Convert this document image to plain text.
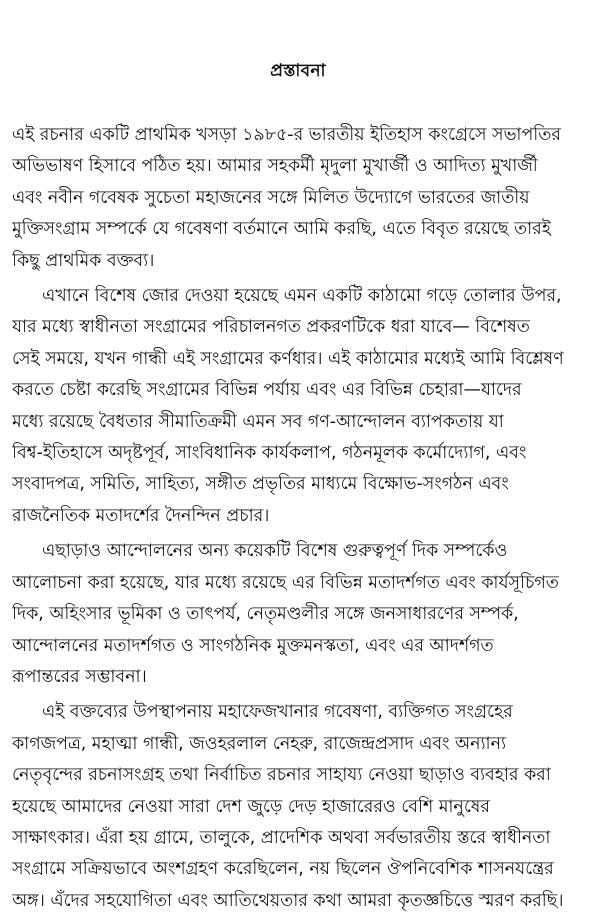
প্রস্তাবনা
এই রচনার একটি প্রাথমিক খসড়া ১৯৮৫-র ভারতীয় ইতিহাস কংগ্রেসে সভাপতির
অভিভাষণ হিসাবে পঠিত হয়। আমার সহকর্মী মৃদুলা মুখার্জী ও আদিত্য মুখার্জী
এবং নবীন গবেষক সুচেতা মহাজনের সঙ্গে মিলিত উদ্যোগে ভারতের জাতীয়
মুক্তিসংগ্রাম সম্পর্কে যে গবেষণা বর্তমানে আমি করছি, এতে বিবৃত রয়েছে তারই
কিছু প্রাথমিক বক্তব্য।
এখানে বিশেষ জোর দেওয়া হয়েছে এমন একটি কাঠামো গড়ে তোলার উপর,
যার মধ্যে স্বাধীনতা সংগ্রামের পরিচালনগত প্রকরণটিকে ধরা যাবে— বিশেষত
সেই সময়ে, যখন গান্ধী এই সংগ্রামের কর্ণধার। এই কাঠামোর মধ্যেই আমি বিশ্লেষণ
করতে চেষ্টা করেছি সংগ্রামের বিভিন্ন পর্যায় এবং এর বিভিন্ন চেহারা—যাদের
মধ্যে রয়েছে বৈধতার সীমাতিক্রমী এমন সব গণ-আন্দোলন ব্যাপকতায় যা
বিশ্ব-ইতিহাসে অদৃষ্টপূর্ব, সাংবিধানিক কার্যকলাপ, গঠনমূলক কর্মোদ্যোগ, এবং
সংবাদপত্র, সমিতি, সাহিত্য, সঙ্গীত প্রভৃতির মাধ্যমে বিক্ষোভ-সংগঠন এবং
রাজনৈতিক মতাদর্শের দৈনন্দিন প্রচার।
এছাড়াও আন্দোলনের অন্য কয়েকটি বিশেষ গুরুত্বপূর্ণ দিক সম্পর্কেও
আলোচনা করা হয়েছে, যার মধ্যে রয়েছে এর বিভিন্ন মতাদর্শগত এবং কার্যসূচিগত
দিক, অহিংসার ভূমিকা ও তাৎপর্য, নেতৃমণ্ডলীর সঙ্গে জনসাধারণের সম্পর্ক,
আন্দোলনের মতাদর্শগত ও সাংগঠনিক মুক্তমনস্কতা, এবং এর আদর্শগত
রূপান্তরের সম্ভাবনা।
এই বক্তব্যের উপস্থাপনায় মহাফেজখানার গবেষণা, ব্যক্তিগত সংগ্রহের
কাগজপত্র, মহাত্মা গান্ধী, জওহরলাল নেহরু, রাজেন্দ্রপ্রসাদ এবং অন্যান্য
নেতৃবৃন্দের রচনাসংগ্রহ তথা নির্বাচিত রচনার সাহায্য নেওয়া ছাড়াও ব্যবহার করা
হয়েছে আমাদের নেওয়া সারা দেশ জুড়ে দেড় হাজারেরও বেশি মানুষের
সাক্ষাৎকার। এঁরা হয় গ্রামে, তালুকে, প্রাদেশিক অথবা সর্বভারতীয় স্তরে স্বাধীনতা
সংগ্রামে সক্রিয়ভাবে অংশগ্রহণ করেছিলেন, নয় ছিলেন ঔপনিবেশিক শাসনযন্ত্রের
অঙ্গ। এঁদের সহযোগিতা এবং আতিথেয়তার কথা আমরা কৃতজ্ঞচিত্তে স্মরণ করছি।
